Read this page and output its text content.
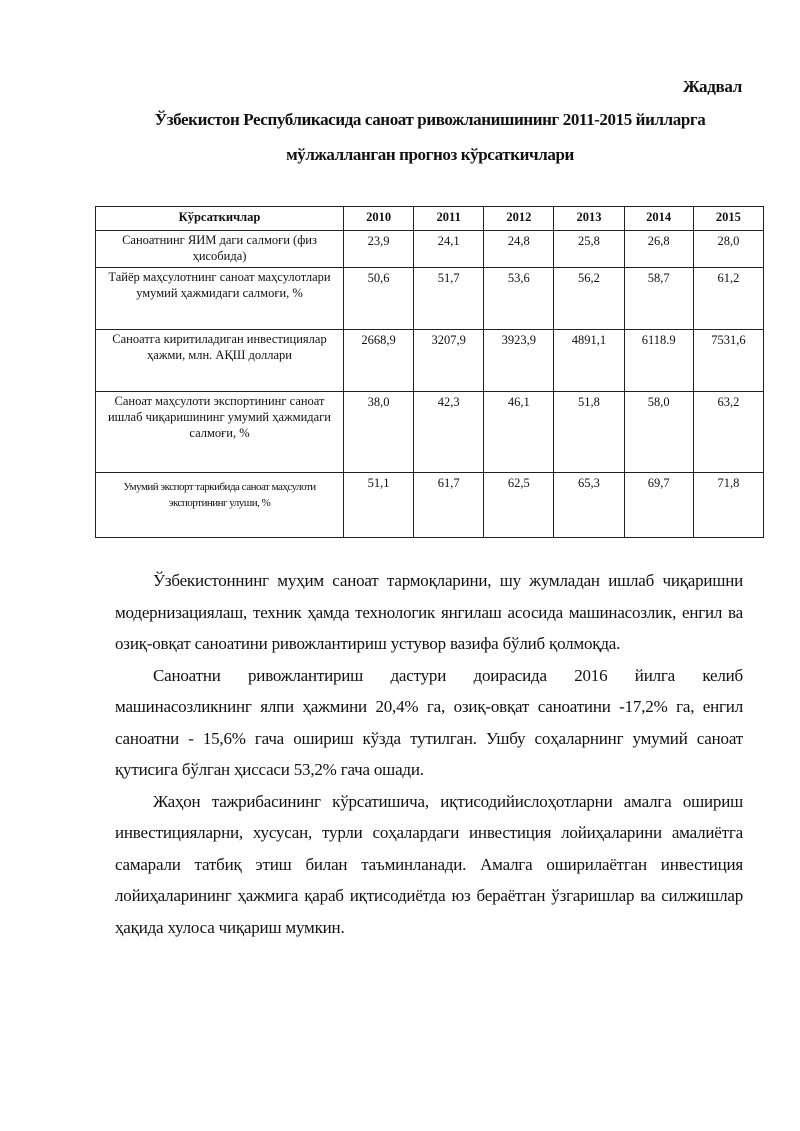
Жадвал
Ўзбекистон Республикасида саноат ривожланишининг 2011-2015 йилларга
мўлжалланган прогноз кўрсаткичлари
Кўрсаткичлар	2010	2011	2012	2013	2014	2015
Саноатнинг ЯИМ даги салмоғи (физ ҳисобида)	23,9	24,1	24,8	25,8	26,8	28,0
Тайёр маҳсулотнинг саноат маҳсулотлари умумий ҳажмидаги салмоғи, %	50,6	51,7	53,6	56,2	58,7	61,2
Саноатга киритиладиган инвестициялар ҳажми, млн. АҚШ доллари	2668,9	3207,9	3923,9	4891,1	6118.9	7531,6
Саноат маҳсулоти экспортининг саноат ишлаб чиқаришининг умумий ҳажмидаги салмоғи, %	38,0	42,3	46,1	51,8	58,0	63,2
Умумий экспорт таркибида саноат маҳсулоти экспортининг улуши, %	51,1	61,7	62,5	65,3	69,7	71,8

Ўзбекистоннинг муҳим саноат тармоқларини, шу жумладан ишлаб чиқаришни модернизациялаш, техник ҳамда технологик янгилаш асосида машинасозлик, енгил ва озиқ-овқат саноатини ривожлантириш устувор вазифа бўлиб қолмоқда.

Саноатни ривожлантириш дастури доирасида 2016 йилга келиб машинасозликнинг ялпи ҳажмини 20,4% га, озиқ-овқат саноатини -17,2% га, енгил саноатни - 15,6% гача ошириш кўзда тутилган. Ушбу соҳаларнинг умумий саноат қутисига бўлган ҳиссаси 53,2% гача ошади.

Жаҳон тажрибасининг кўрсатишича, иқтисодийислоҳотларни амалга ошириш инвестицияларни, хусусан, турли соҳалардаги инвестиция лойиҳаларини амалиётга самарали татбиқ этиш билан таъминланади. Амалга оширилаётган инвестиция лойиҳаларининг ҳажмига қараб иқтисодиётда юз бераётган ўзгаришлар ва силжишлар ҳақида хулоса чиқариш мумкин.
